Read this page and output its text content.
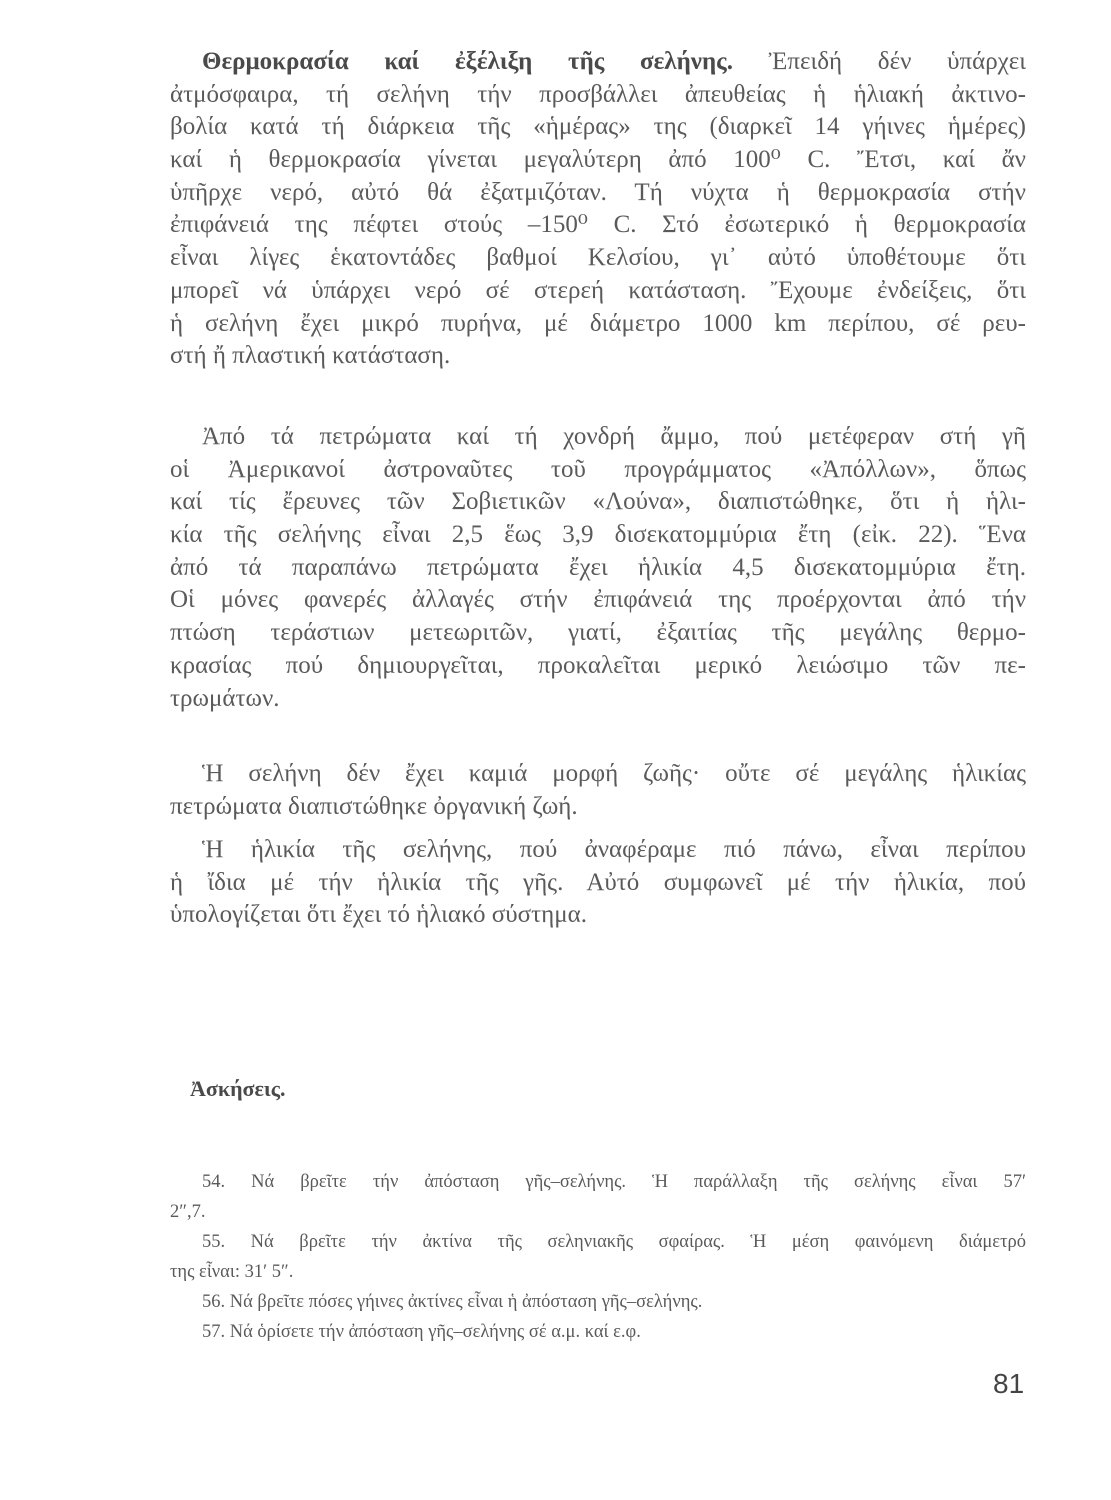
Θερμοκρασία καί ἐξέλιξη τῆς σελήνης. Ἐπειδή δέν ὑπάρχει
ἀτμόσφαιρα, τή σελήνη τήν προσβάλλει ἀπευθείας ἡ ἡλιακή ἀκτινο-
βολία κατά τή διάρκεια τῆς «ἡμέρας» της (διαρκεῖ 14 γήινες ἡμέρες)
καί ἡ θερμοκρασία γίνεται μεγαλύτερη ἀπό 100⁰ C. Ἔτσι, καί ἄν
ὑπῆρχε νερό, αὐτό θά ἐξατμιζόταν. Τή νύχτα ἡ θερμοκρασία στήν
ἐπιφάνειά της πέφτει στούς –150⁰ C. Στό ἐσωτερικό ἡ θερμοκρασία
εἶναι λίγες ἑκατοντάδες βαθμοί Κελσίου, γι᾽ αὐτό ὑποθέτουμε ὅτι
μπορεῖ νά ὑπάρχει νερό σέ στερεή κατάσταση. Ἔχουμε ἐνδείξεις, ὅτι
ἡ σελήνη ἔχει μικρό πυρήνα, μέ διάμετρο 1000 km περίπου, σέ ρευ-
στή ἤ πλαστική κατάσταση.
Ἀπό τά πετρώματα καί τή χονδρή ἄμμο, πού μετέφεραν στή γῆ
οἱ Ἀμερικανοί ἀστροναῦτες τοῦ προγράμματος «Ἀπόλλων», ὅπως
καί τίς ἔρευνες τῶν Σοβιετικῶν «Λούνα», διαπιστώθηκε, ὅτι ἡ ἡλι-
κία τῆς σελήνης εἶναι 2,5 ἕως 3,9 δισεκατομμύρια ἔτη (εἰκ. 22). Ἕνα
ἀπό τά παραπάνω πετρώματα ἔχει ἡλικία 4,5 δισεκατομμύρια ἔτη.
Οἱ μόνες φανερές ἀλλαγές στήν ἐπιφάνειά της προέρχονται ἀπό τήν
πτώση τεράστιων μετεωριτῶν, γιατί, ἐξαιτίας τῆς μεγάλης θερμο-
κρασίας πού δημιουργεῖται, προκαλεῖται μερικό λειώσιμο τῶν πε-
τρωμάτων.
Ἡ σελήνη δέν ἔχει καμιά μορφή ζωῆς· οὔτε σέ μεγάλης ἡλικίας
πετρώματα διαπιστώθηκε ὀργανική ζωή.
Ἡ ἡλικία τῆς σελήνης, πού ἀναφέραμε πιό πάνω, εἶναι περίπου
ἡ ἴδια μέ τήν ἡλικία τῆς γῆς. Αὐτό συμφωνεῖ μέ τήν ἡλικία, πού
ὑπολογίζεται ὅτι ἔχει τό ἡλιακό σύστημα.
Ἀσκήσεις.
54. Νά βρεῖτε τήν ἀπόσταση γῆς–σελήνης. Ἡ παράλλαξη τῆς σελήνης εἶναι 57′
2″,7.
55. Νά βρεῖτε τήν ἀκτίνα τῆς σεληνιακῆς σφαίρας. Ἡ μέση φαινόμενη διάμετρό
της εἶναι: 31′ 5″.
56. Νά βρεῖτε πόσες γήινες ἀκτίνες εἶναι ἡ ἀπόσταση γῆς–σελήνης.
57. Νά ὁρίσετε τήν ἀπόσταση γῆς–σελήνης σέ α.μ. καί ε.φ.
81
